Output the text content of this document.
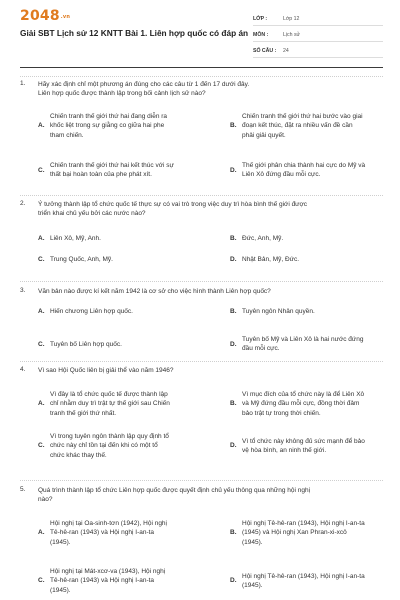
2048.vn
Giải SBT Lịch sử 12 KNTT Bài 1. Liên hợp quốc có đáp án
LỚP :	Lớp 12
MÔN :	Lịch sử
SỐ CÂU :	24
1. Hãy xác định chỉ một phương án đúng cho các câu từ 1 đến 17 dưới đây.
Liên hợp quốc được thành lập trong bối cảnh lịch sử nào?
A.
Chiến tranh thế giới thứ hai đang diễn ra
khốc liệt trong sự giằng co giữa hai phe
tham chiến.
B.
Chiến tranh thế giới thứ hai bước vào giai
đoạn kết thúc, đặt ra nhiều vấn đề cần
phải giải quyết.
C.
Chiến tranh thế giới thứ hai kết thúc với sự
thất bại hoàn toàn của phe phát xít.
D.
Thế giới phân chia thành hai cực do Mỹ và
Liên Xô đứng đầu mỗi cực.
2. Ý tưởng thành lập tổ chức quốc tế thực sự có vai trò trong việc duy trì hòa bình thế giới được
triển khai chủ yếu bởi các nước nào?
A. Liên Xô, Mỹ, Anh.	B. Đức, Anh, Mỹ.
C. Trung Quốc, Anh, Mỹ.	D. Nhật Bản, Mỹ, Đức.
3. Văn bản nào được kí kết năm 1942 là cơ sở cho việc hình thành Liên hợp quốc?
A. Hiến chương Liên hợp quốc.	B. Tuyên ngôn Nhân quyền.
C. Tuyên bố Liên hợp quốc.	D.
Tuyên bố Mỹ và Liên Xô là hai nước đứng
đầu mỗi cực.
4. Vì sao Hội Quốc liên bị giải thể vào năm 1946?
A.
Vì đây là tổ chức quốc tế được thành lập
chỉ nhằm duy trì trật tự thế giới sau Chiến
tranh thế giới thứ nhất.
B.
Vì mục đích của tổ chức này là để Liên Xô
và Mỹ đứng đầu mỗi cực, đồng thời đảm
bảo trật tự trong thời chiến.
C.
Vì trong tuyên ngôn thành lập quy định tổ
chức này chỉ tồn tại đến khi có một tổ
chức khác thay thế.
D.
Vì tổ chức này không đủ sức mạnh để bảo
vệ hòa bình, an ninh thế giới.
5. Quá trình thành lập tổ chức Liên hợp quốc được quyết định chủ yếu thông qua những hội nghị
nào?
A.
Hội nghị tại Oa-sinh-tơn (1942), Hội nghị
Tê-hê-ran (1943) và Hội nghị I-an-ta
(1945).
B.
Hội nghị Tê-hê-ran (1943), Hội nghị I-an-ta
(1945) và Hội nghị Xan Phran-xi-xcô
(1945).
C.
Hội nghị tại Mát-xcơ-va (1943), Hội nghị
Tê-hê-ran (1943) và Hội nghị I-an-ta
(1945).
D.
Hội nghị Tê-hê-ran (1943), Hội nghị I-an-ta
(1945).
